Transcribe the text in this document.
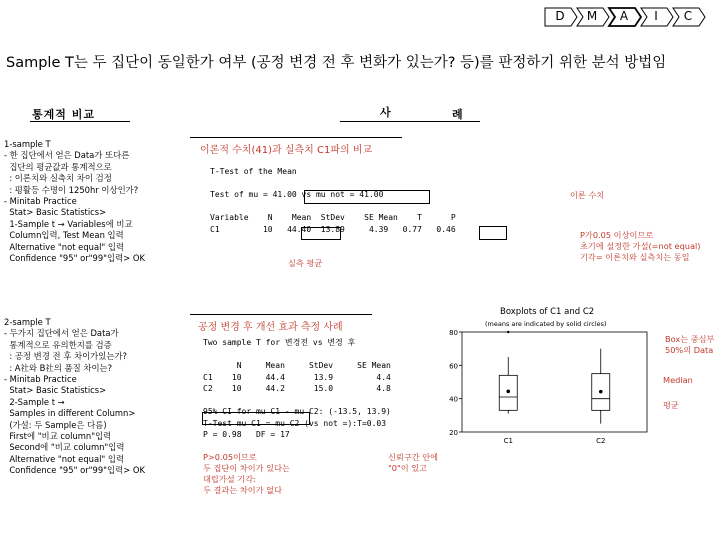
D	M	A	I	C
Sample T는 두 집단이 동일한가 여부 (공정 변경 전 후 변화가 있는가? 등)를 판정하기 위한 분석 방법임
통계적 비교	사	례
1-sample T
- 한 집단에서 얻은 Data가 또다른
집단의 평균값과 통계적으로
: 이론치와 실측치 차이 검정
: 평활등 수명이 1250hr 이상인가?
- Minitab Practice
Stat> Basic Statistics>
1-Sample t → Variables에 비교
Column입력, Test Mean 입력
Alternative "not equal" 입력
Confidence "95" or"99"입력> OK
2-sample T
- 두가지 집단에서 얻은 Data가
통계적으로 유의한지를 검증
: 공정 변경 전 후 차이가있는가?
: A社와 B社의 품질 차이는?
- Minitab Practice
Stat> Basic Statistics>
2-Sample t →
Samples in different Column>
(가설: 두 Sample은 다름)
First에 "비교 column"입력
Second에 "비교 column"입력
Alternative "not equal" 입력
Confidence "95" or"99"입력> OK
이론적 수치(41)과 실측치 C1파의 비교
T-Test of the Mean

Test of mu = 41.00 vs mu not = 41.00

Variable    N    Mean  StDev    SE Mean    T      P
C1         10   44.40  13.89     4.39   0.77   0.46
이론 수치
실측 평균
P가0.05 이상이므로
초기에 설정한 가설(=not equal)
기각= 이론치와 실측치는 동일
공정 변경 후 개선 효과 측정 사례
Two sample T for 변경전 vs 변경 후

N     Mean     StDev     SE Mean
C1    10     44.4      13.9         4.4
C2    10     44.2      15.0         4.8

95% CI for mu C1 - mu C2: (-13.5, 13.9)
T-Test mu C1 = mu C2 (vs not =):T=0.03
P = 0.98   DF = 17
P>0.05이므로
두 집단이 차이가 있다는
대립가설 기각:
두 결과는 차이가 없다
신뢰구간 안에
"0"이 있고
Box는 중심부
50%의 Data
Median
평균
Boxplots of C1 and C2
(means are indicated by solid circles)
20
40
60
80
C1	C2
